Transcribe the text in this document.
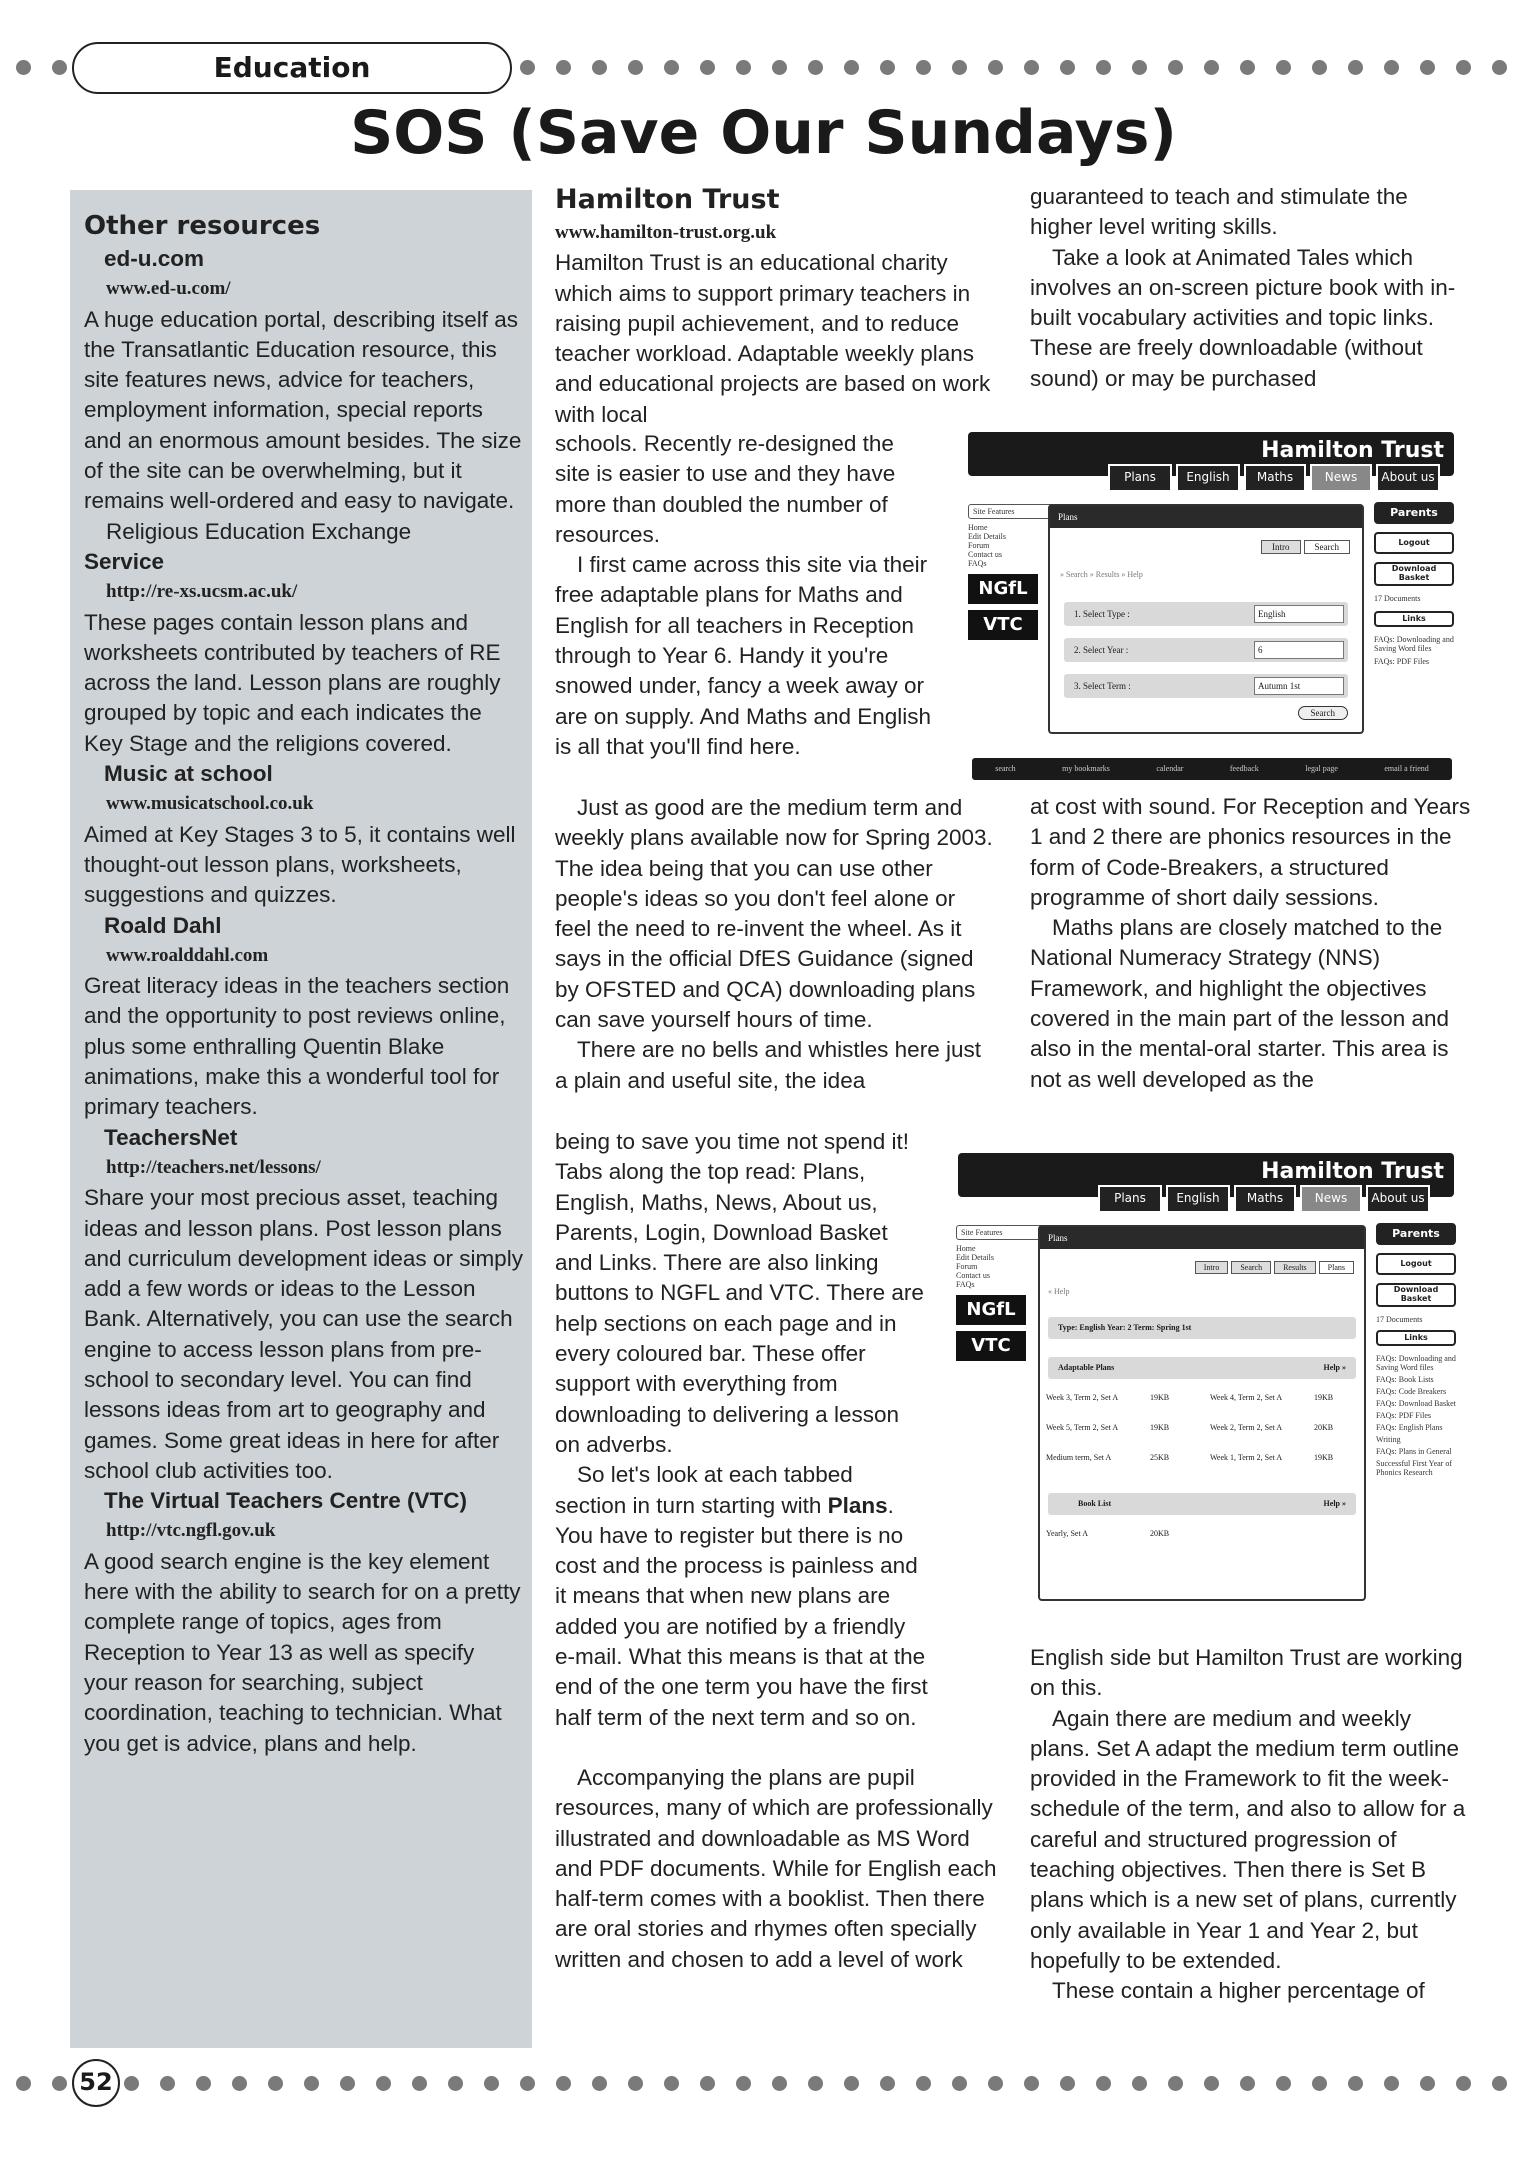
Education
SOS (Save Our Sundays)

Other resources

ed-u.com

www.ed-u.com/

A huge education portal, describing itself as the Transatlantic Education resource, this site features news, advice for teachers, employment information, special reports and an enormous amount besides. The size of the site can be overwhelming, but it remains well-ordered and easy to navigate.

Religious Education Exchange

Service

http://re-xs.ucsm.ac.uk/

These pages contain lesson plans and worksheets contributed by teachers of RE across the land. Lesson plans are roughly grouped by topic and each indicates the Key Stage and the religions covered.

Music at school

www.musicatschool.co.uk

Aimed at Key Stages 3 to 5, it contains well thought-out lesson plans, worksheets, suggestions and quizzes.

Roald Dahl

www.roalddahl.com

Great literacy ideas in the teachers section and the opportunity to post reviews online, plus some enthralling Quentin Blake animations, make this a wonderful tool for primary teachers.

TeachersNet

http://teachers.net/lessons/

Share your most precious asset, teaching ideas and lesson plans. Post lesson plans and curriculum development ideas or simply add a few words or ideas to the Lesson Bank. Alternatively, you can use the search engine to access lesson plans from pre-school to secondary level. You can find lessons ideas from art to geography and games. Some great ideas in here for after school club activities too.

The Virtual Teachers Centre (VTC)

http://vtc.ngfl.gov.uk

A good search engine is the key element here with the ability to search for on a pretty complete range of topics, ages from Reception to Year 13 as well as specify your reason for searching, subject coordination, teaching to technician. What you get is advice, plans and help.

Hamilton Trust

www.hamilton-trust.org.uk

Hamilton Trust is an educational charity which aims to support primary teachers in raising pupil achievement, and to reduce teacher workload. Adaptable weekly plans and educational projects are based on work with local

schools. Recently re-designed the site is easier to use and they have more than doubled the number of resources.

I first came across this site via their free adaptable plans for Maths and English for all teachers in Reception through to Year 6. Handy it you're snowed under, fancy a week away or are on supply. And Maths and English is all that you'll find here.

Just as good are the medium term and weekly plans available now for Spring 2003. The idea being that you can use other people's ideas so you don't feel alone or feel the need to re-invent the wheel. As it says in the official DfES Guidance (signed by OFSTED and QCA) downloading plans can save yourself hours of time.

There are no bells and whistles here just a plain and useful site, the idea

being to save you time not spend it! Tabs along the top read: Plans, English, Maths, News, About us, Parents, Login, Download Basket and Links. There are also linking buttons to NGFL and VTC. There are help sections on each page and in every coloured bar. These offer support with everything from downloading to delivering a lesson on adverbs.

So let's look at each tabbed section in turn starting with Plans. You have to register but there is no cost and the process is painless and it means that when new plans are added you are notified by a friendly e-mail. What this means is that at the end of the one term you have the first half term of the next term and so on.

Accompanying the plans are pupil resources, many of which are professionally illustrated and downloadable as MS Word and PDF documents. While for English each half-term comes with a booklist. Then there are oral stories and rhymes often specially written and chosen to add a level of work

guaranteed to teach and stimulate the higher level writing skills.

Take a look at Animated Tales which involves an on-screen picture book with in-built vocabulary activities and topic links. These are freely downloadable (without sound) or may be purchased

at cost with sound. For Reception and Years 1 and 2 there are phonics resources in the form of Code-Breakers, a structured programme of short daily sessions.

Maths plans are closely matched to the National Numeracy Strategy (NNS) Framework, and highlight the objectives covered in the main part of the lesson and also in the mental-oral starter. This area is not as well developed as the

English side but Hamilton Trust are working on this.

Again there are medium and weekly plans. Set A adapt the medium term outline provided in the Framework to fit the week-schedule of the term, and also to allow for a careful and structured progression of teaching objectives. Then there is Set B plans which is a new set of plans, currently only available in Year 1 and Year 2, but hopefully to be extended.

These contain a higher percentage of

Hamilton Trust
Plans	English	Maths	News	About us
Site Features
Home
Edit Details
Forum
Contact us
FAQs
NGfL
VTC
Plans
Intro	Search
» Search » Results » Help
1. Select Type :	English
2. Select Year :	6
3. Select Term :	Autumn 1st
Search
Parents
Logout
Download Basket
17 Documents
Links
FAQs: Downloading and Saving Word files
FAQs: PDF Files
search	my bookmarks	calendar	feedback	legal page	email a friend
Hamilton Trust
Plans	English	Maths	News	About us
Site Features
Home
Edit Details
Forum
Contact us
FAQs
NGfL
VTC
Plans
Intro	Search	Results	Plans
« Help
Type: English Year: 2 Term: Spring 1st
Adaptable Plans	Help »
Week 3, Term 2, Set A	19KB	Week 4, Term 2, Set A	19KB
Week 5, Term 2, Set A	19KB	Week 2, Term 2, Set A	20KB
Medium term, Set A	25KB	Week 1, Term 2, Set A	19KB
Book List	Help »
Yearly, Set A	20KB
Parents
Logout
Download Basket
17 Documents
Links
FAQs: Downloading and Saving Word files
FAQs: Book Lists
FAQs: Code Breakers
FAQs: Download Basket
FAQs: PDF Files
FAQs: English Plans
Writing
FAQs: Plans in General
Successful First Year of Phonics Research
52
